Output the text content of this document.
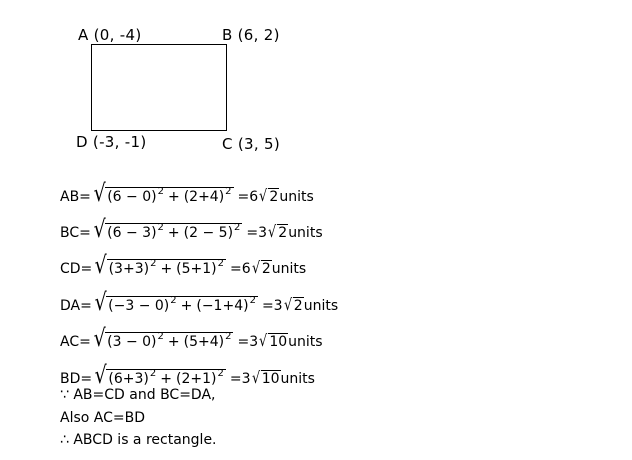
A (0, -4)	B (6, 2)
D (-3, -1)	C (3, 5)
AB= √ $(6 - 0)^2 + (2+4)^2 = 6$ √ 2 units
BC= √ $(6 - 3)^2 + (2 - 5)^2 = 3$ √ 2 units
CD= √ $(3+3)^2 + (5+1)^2 = 6$ √ 2 units
DA= √ $(-3 - 0)^2 + (-1+4)^2 = 3$ √ 2 units
AC= √ $(3 - 0)^2 + (5+4)^2 = 3$ √ 10 units
BD= √ $(6+3)^2 + (2+1)^2 = 3$ √ 10 units
∵ AB=CD and BC=DA,
Also AC=BD
∴ ABCD is a rectangle.
